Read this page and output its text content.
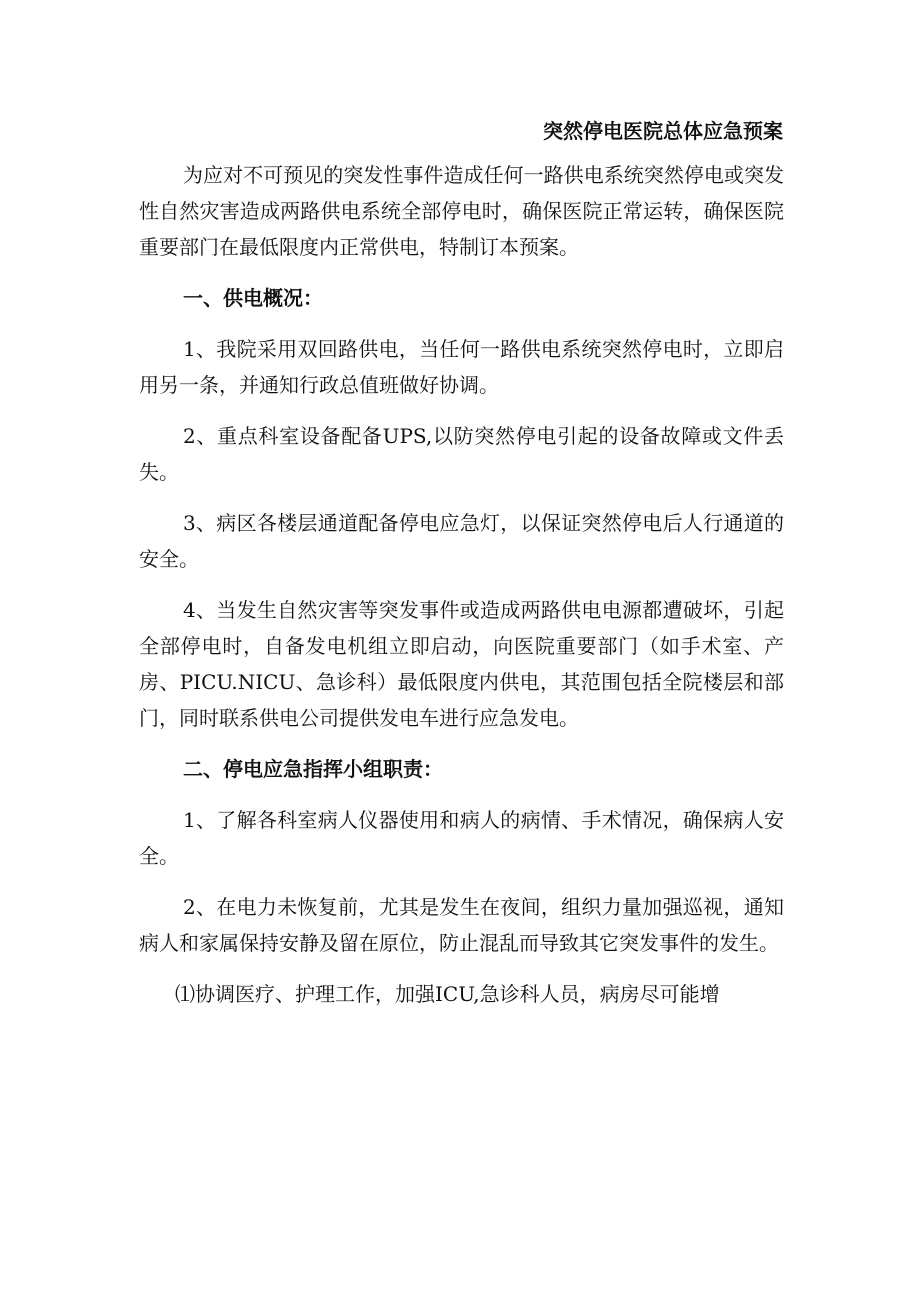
突然停电医院总体应急预案

为应对不可预见的突发性事件造成任何一路供电系统突然停电或突发性自然灾害造成两路供电系统全部停电时，确保医院正常运转，确保医院重要部门在最低限度内正常供电，特制订本预案。

一、供电概况：

1、我院采用双回路供电，当任何一路供电系统突然停电时，立即启用另一条，并通知行政总值班做好协调。

2、重点科室设备配备UPS,以防突然停电引起的设备故障或文件丢失。

3、病区各楼层通道配备停电应急灯，以保证突然停电后人行通道的安全。

4、当发生自然灾害等突发事件或造成两路供电电源都遭破坏，引起全部停电时，自备发电机组立即启动，向医院重要部门（如手术室、产房、PICU.NICU、急诊科）最低限度内供电，其范围包括全院楼层和部门，同时联系供电公司提供发电车进行应急发电。

二、停电应急指挥小组职责：

1、了解各科室病人仪器使用和病人的病情、手术情况，确保病人安全。

2、在电力未恢复前，尤其是发生在夜间，组织力量加强巡视，通知病人和家属保持安静及留在原位，防止混乱而导致其它突发事件的发生。

⑴协调医疗、护理工作，加强ICU,急诊科人员，病房尽可能增
